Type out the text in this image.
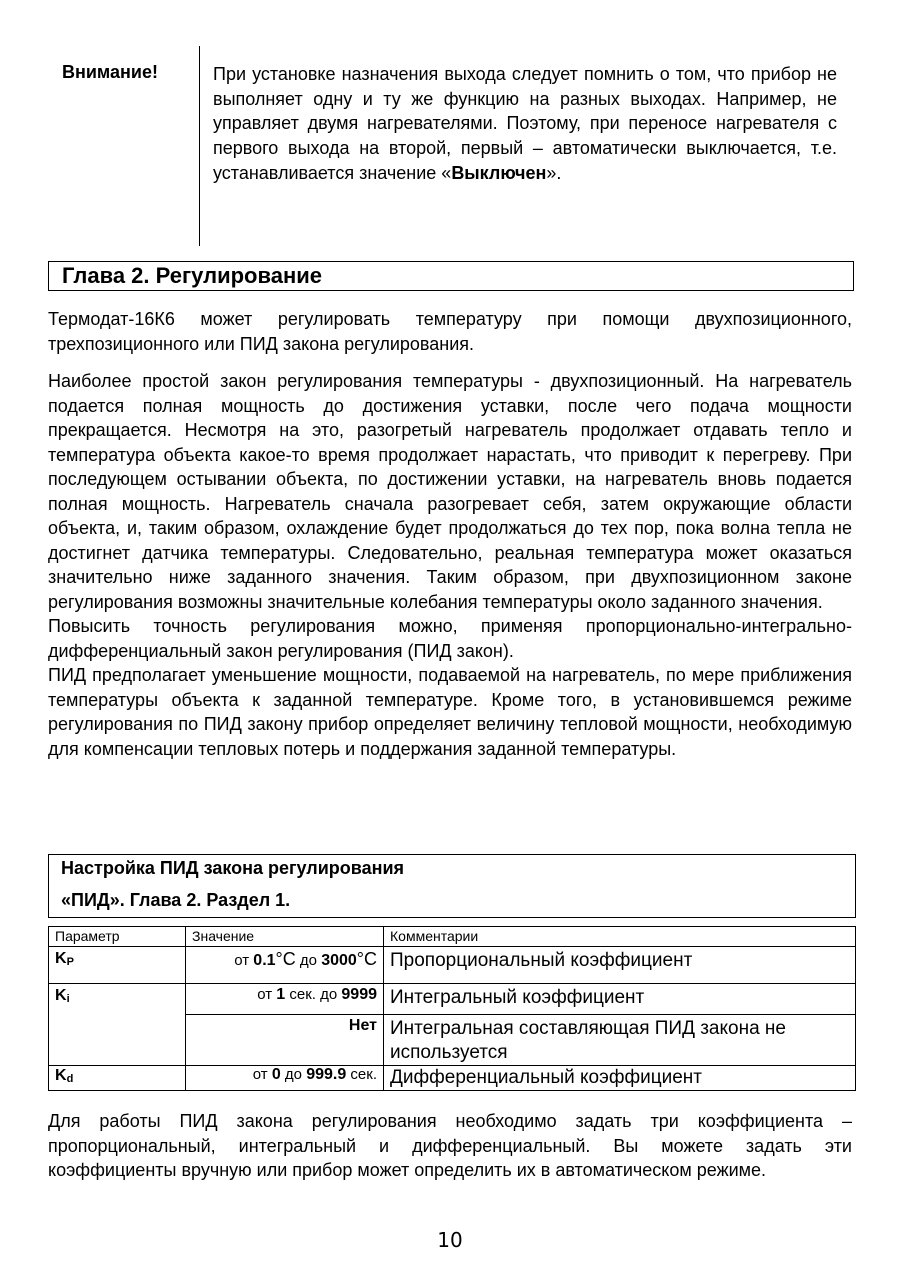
Внимание!	При установке назначения выхода следует помнить о том, что прибор не выполняет одну и ту же функцию на разных выходах. Например, не управляет двумя нагревателями. Поэтому, при переносе нагревателя с первого выхода на второй, первый – автоматически выключается, т.е. устанавливается значение «Выключен».
Глава 2. Регулирование
Термодат-16К6 может регулировать температуру при помощи двухпозиционного, трехпозиционного или ПИД закона регулирования.

Наиболее простой закон регулирования температуры - двухпозиционный. На нагреватель подается полная мощность до достижения уставки, после чего подача мощности прекращается. Несмотря на это, разогретый нагреватель продолжает отдавать тепло и температура объекта какое-то время продолжает нарастать, что приводит к перегреву. При последующем остывании объекта, по достижении уставки, на нагреватель вновь подается полная мощность. Нагреватель сначала разогревает себя, затем окружающие области объекта, и, таким образом, охлаждение будет продолжаться до тех пор, пока волна тепла не достигнет датчика температуры. Следовательно, реальная температура может оказаться значительно ниже заданного значения. Таким образом, при двухпозиционном законе регулирования возможны значительные колебания температуры около заданного значения.

Повысить точность регулирования можно, применяя пропорционально-интегрально-дифференциальный закон регулирования (ПИД закон).

ПИД предполагает уменьшение мощности, подаваемой на нагреватель, по мере приближения температуры объекта к заданной температуре. Кроме того, в установившемся режиме регулирования по ПИД закону прибор определяет величину тепловой мощности, необходимую для компенсации тепловых потерь и поддержания заданной температуры.

Настройка ПИД закона регулирования
«ПИД». Глава 2. Раздел 1.
Параметр	Значение	Комментарии
$K_P$	от 0.1°C до 3000°C	Пропорциональный коэффициент
$K_i$	от 1 сек. до 9999	Интегральный коэффициент
	Нет	Интегральная составляющая ПИД закона не используется
$K_d$	от 0 до 999.9 сек.	Дифференциальный коэффициент
Для работы ПИД закона регулирования необходимо задать три коэффициента – пропорциональный, интегральный и дифференциальный. Вы можете задать эти коэффициенты вручную или прибор может определить их в автоматическом режиме.
10
